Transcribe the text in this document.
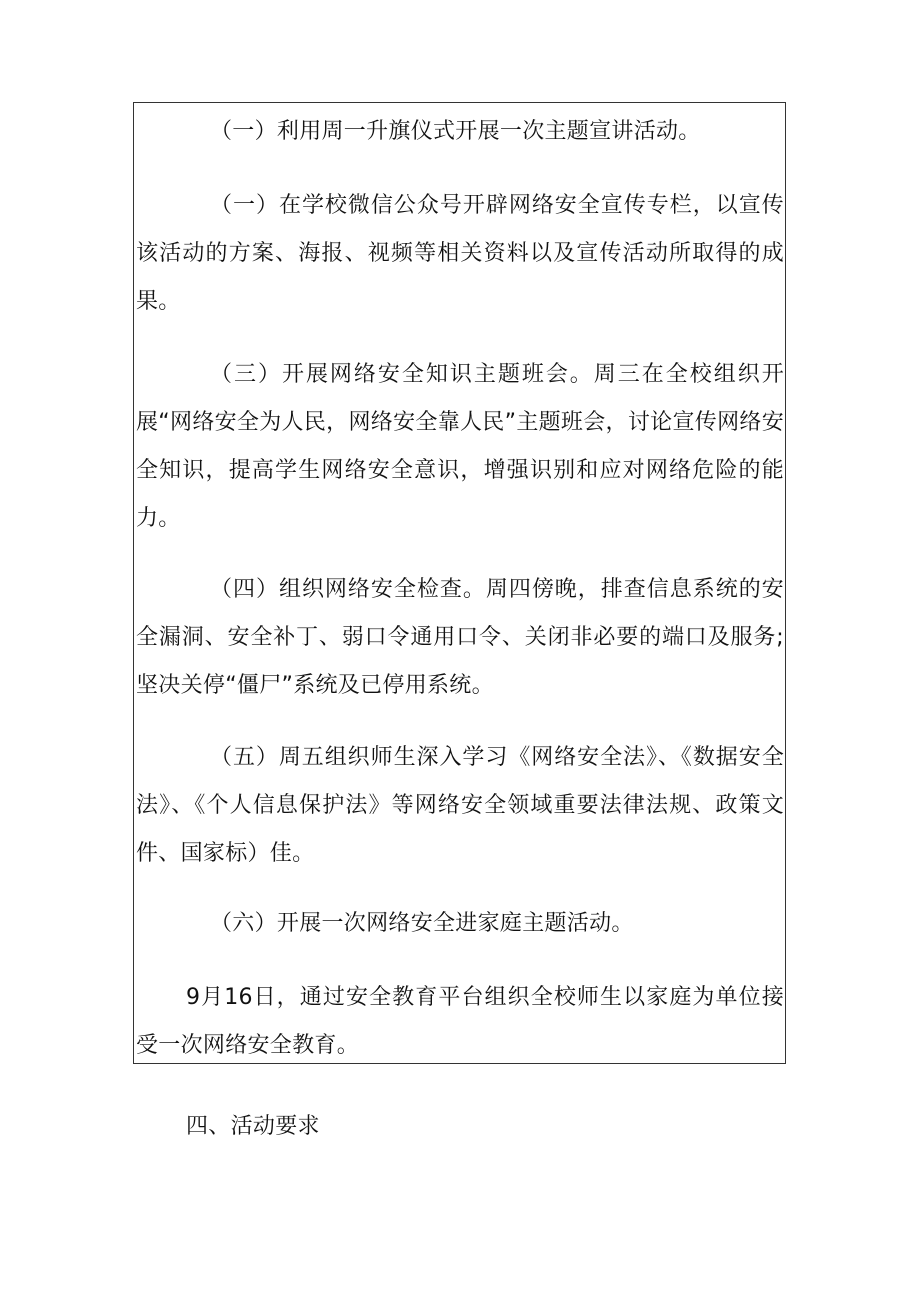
（一）利用周一升旗仪式开展一次主题宣讲活动。

（一）在学校微信公众号开辟网络安全宣传专栏，以宣传该活动的方案、海报、视频等相关资料以及宣传活动所取得的成果。

（三）开展网络安全知识主题班会。周三在全校组织开展“网络安全为人民，网络安全靠人民”主题班会，讨论宣传网络安全知识，提高学生网络安全意识，增强识别和应对网络危险的能力。

（四）组织网络安全检查。周四傍晚，排查信息系统的安全漏洞、安全补丁、弱口令通用口令、关闭非必要的端口及服务;坚决关停“僵尸”系统及已停用系统。

（五）周五组织师生深入学习《网络安全法》、《数据安全法》、《个人信息保护法》等网络安全领域重要法律法规、政策文件、国家标）佳。

（六）开展一次网络安全进家庭主题活动。

9月16日，通过安全教育平台组织全校师生以家庭为单位接受一次网络安全教育。

四、活动要求
